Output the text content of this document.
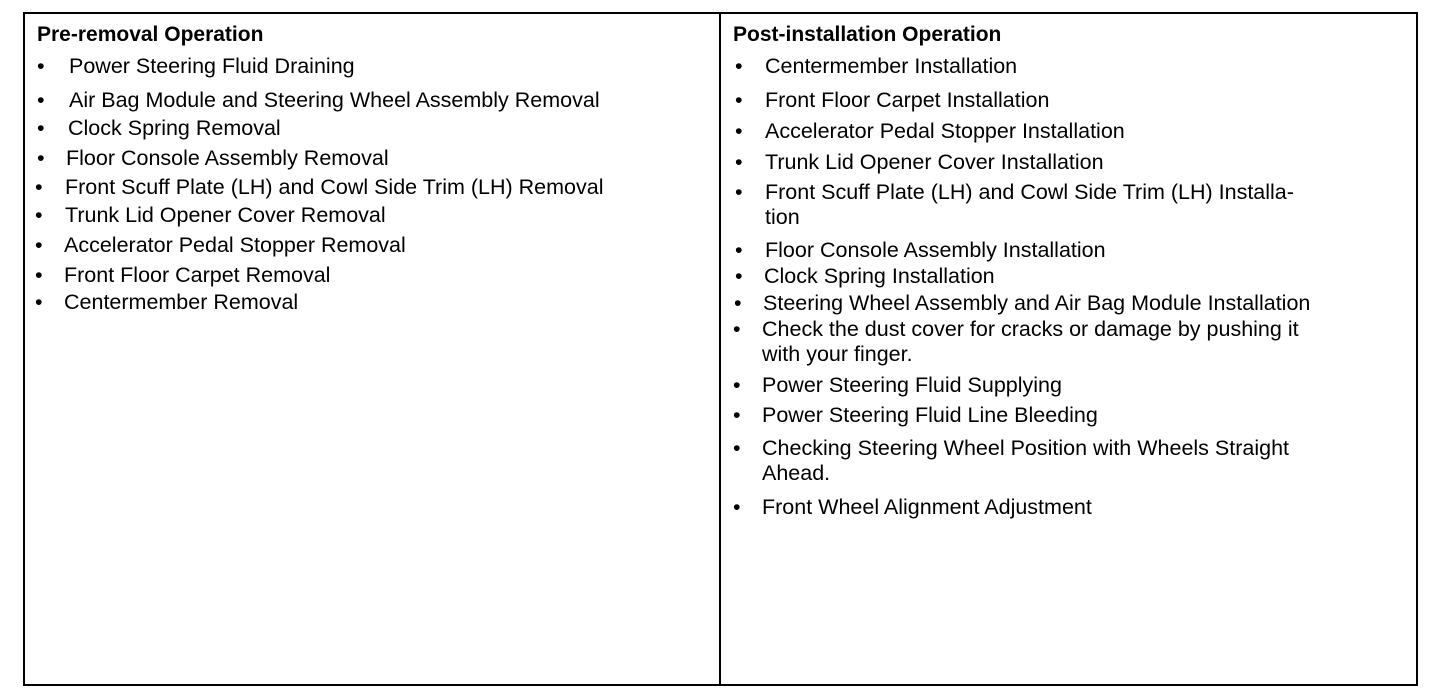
Pre-removal Operation
• Power Steering Fluid Draining
• Air Bag Module and Steering Wheel Assembly Removal
• Clock Spring Removal
• Floor Console Assembly Removal
• Front Scuff Plate (LH) and Cowl Side Trim (LH) Removal
• Trunk Lid Opener Cover Removal
• Accelerator Pedal Stopper Removal
• Front Floor Carpet Removal
• Centermember Removal
Post-installation Operation
• Centermember Installation
• Front Floor Carpet Installation
• Accelerator Pedal Stopper Installation
• Trunk Lid Opener Cover Installation
• Front Scuff Plate (LH) and Cowl Side Trim (LH) Installa-
tion
• Floor Console Assembly Installation
• Clock Spring Installation
• Steering Wheel Assembly and Air Bag Module Installation
• Check the dust cover for cracks or damage by pushing it
with your finger.
• Power Steering Fluid Supplying
• Power Steering Fluid Line Bleeding
• Checking Steering Wheel Position with Wheels Straight
Ahead.
• Front Wheel Alignment Adjustment
